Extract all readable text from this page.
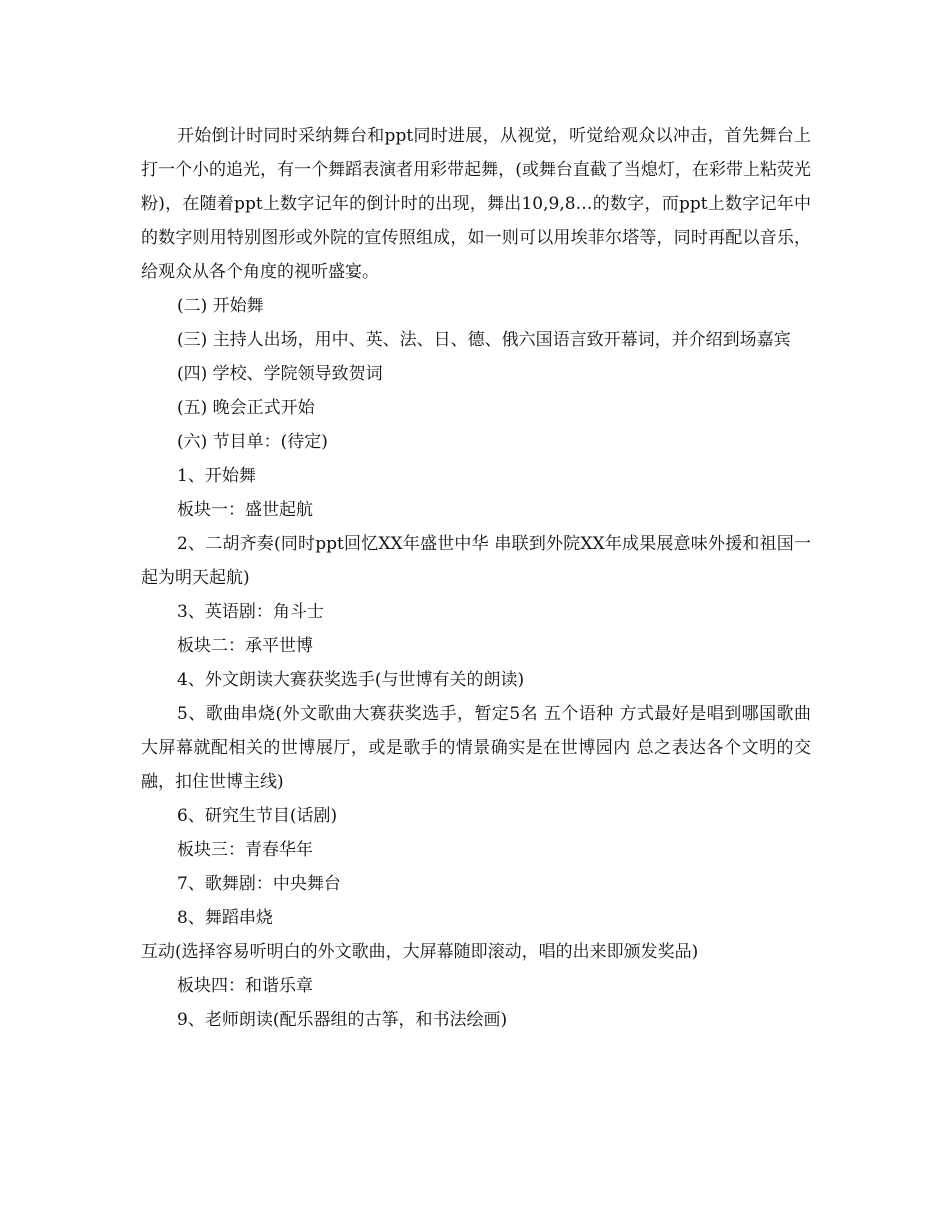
开始倒计时同时采纳舞台和ppt同时进展，从视觉，听觉给观众以冲击，首先舞台上打一个小的追光，有一个舞蹈表演者用彩带起舞，(或舞台直截了当熄灯，在彩带上粘荧光粉)，在随着ppt上数字记年的倒计时的出现，舞出10,9,8…的数字，而ppt上数字记年中的数字则用特别图形或外院的宣传照组成，如一则可以用埃菲尔塔等，同时再配以音乐，给观众从各个角度的视听盛宴。

(二) 开始舞

(三) 主持人出场，用中、英、法、日、德、俄六国语言致开幕词，并介绍到场嘉宾

(四) 学校、学院领导致贺词

(五) 晚会正式开始

(六) 节目单：(待定)

1、开始舞

板块一：盛世起航

2、二胡齐奏(同时ppt回忆XX年盛世中华 串联到外院XX年成果展意味外援和祖国一起为明天起航)

3、英语剧：角斗士

板块二：承平世博

4、外文朗读大赛获奖选手(与世博有关的朗读)

5、歌曲串烧(外文歌曲大赛获奖选手，暂定5名 五个语种 方式最好是唱到哪国歌曲大屏幕就配相关的世博展厅，或是歌手的情景确实是在世博园内 总之表达各个文明的交融，扣住世博主线)

6、研究生节目(话剧)

板块三：青春华年

7、歌舞剧：中央舞台

8、舞蹈串烧

互动(选择容易听明白的外文歌曲，大屏幕随即滚动，唱的出来即颁发奖品)

板块四：和谐乐章

9、老师朗读(配乐器组的古筝，和书法绘画)
